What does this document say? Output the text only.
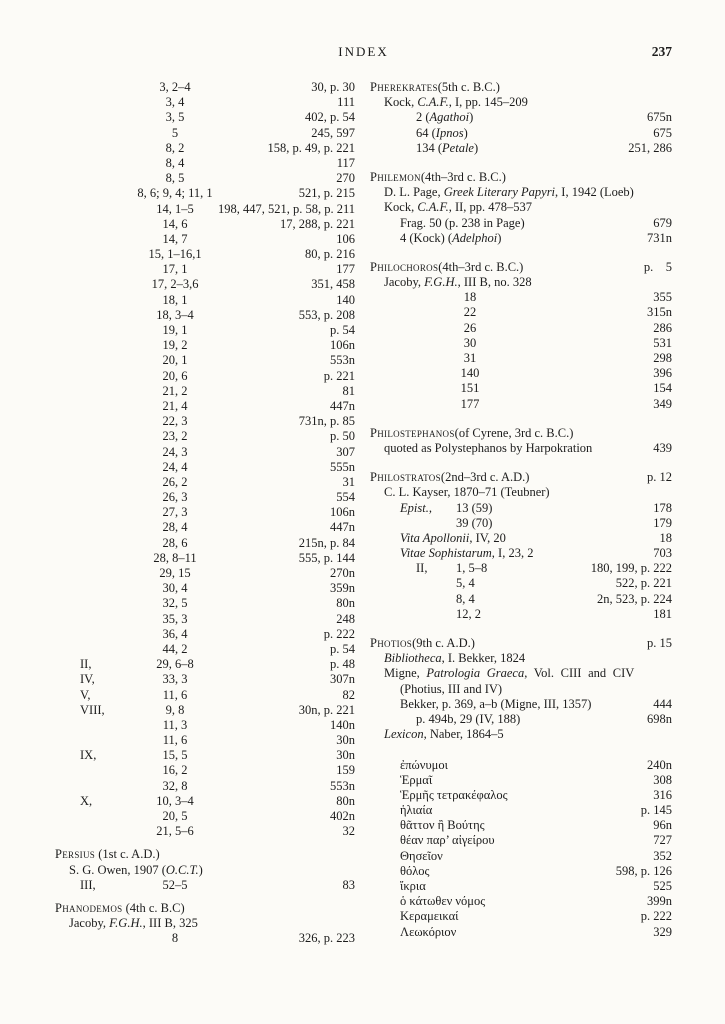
INDEX	237
3, 2–4	30, p. 30
3, 4	111
3, 5	402, p. 54
5	245, 597
8, 2	158, p. 49, p. 221
8, 4	117
8, 5	270
8, 6; 9, 4; 11, 1	521, p. 215
14, 1–5	198, 447, 521, p. 58, p. 211
14, 6	17, 288, p. 221
14, 7	106
15, 1–16,1	80, p. 216
17, 1	177
17, 2–3,6	351, 458
18, 1	140
18, 3–4	553, p. 208
19, 1	p. 54
19, 2	106n
20, 1	553n
20, 6	p. 221
21, 2	81
21, 4	447n
22, 3	731n, p. 85
23, 2	p. 50
24, 3	307
24, 4	555n
26, 2	31
26, 3	554
27, 3	106n
28, 4	447n
28, 6	215n, p. 84
28, 8–11	555, p. 144
29, 15	270n
30, 4	359n
32, 5	80n
35, 3	248
36, 4	p. 222
44, 2	p. 54
II,	29, 6–8	p. 48
IV,	33, 3	307n
V,	11, 6	82
VIII,	9, 8	30n, p. 221
11, 3	140n
11, 6	30n
IX,	15, 5	30n
16, 2	159
32, 8	553n
X,	10, 3–4	80n
20, 5	402n
21, 5–6	32
Persius (1st c. A.D.)
S. G. Owen, 1907 (O.C.T.)
III,	52–5	83
Phanodemos (4th c. B.C)
Jacoby, F.G.H., III B, 325
8	326, p. 223
Pherekrates (5th c. B.C.)
Kock, C.A.F., I, pp. 145–209
2 (Agathoi)	675n
64 (Ipnos)	675
134 (Petale)	251, 286
Philemon (4th–3rd c. B.C.)
D. L. Page, Greek Literary Papyri, I, 1942 (Loeb)
Kock, C.A.F., II, pp. 478–537
Frag. 50 (p. 238 in Page)	679
4 (Kock) (Adelphoi)	731n
Philochoros (4th–3rd c. B.C.)	p.    5
Jacoby, F.G.H., III B, no. 328
18	355
22	315n
26	286
30	531
31	298
140	396
151	154
177	349
Philostephanos (of Cyrene, 3rd c. B.C.)
quoted as Polystephanos by Harpokration	439
Philostratos (2nd–3rd c. A.D.)	p. 12
C. L. Kayser, 1870–71 (Teubner)
Epist., 13 (59)	178
39 (70)	179
Vita Apollonii, IV, 20	18
Vitae Sophistarum, I, 23, 2	703
II, 1, 5–8	180, 199, p. 222
5, 4	522, p. 221
8, 4	2n, 523, p. 224
12, 2	181
Photios (9th c. A.D.)	p. 15
Bibliotheca, I. Bekker, 1824
Migne, Patrologia Graeca, Vol. CIII and CIV
(Photius, III and IV)
Bekker, p. 369, a–b (Migne, III, 1357)	444
p. 494b, 29 (IV, 188)	698n
Lexicon, Naber, 1864–5
ἐπώνυμοι	240n
Ἑρμαῖ	308
Ἑρμῆς τετρακέφαλος	316
ἡλιαία	p. 145
θᾶττον ἢ Βούτης	96n
θέαν παρ’ αἰγείρου	727
Θησεῖον	352
θόλος	598, p. 126
ἴκρια	525
ὁ κάτωθεν νόμος	399n
Κεραμεικαί	p. 222
Λεωκόριον	329
